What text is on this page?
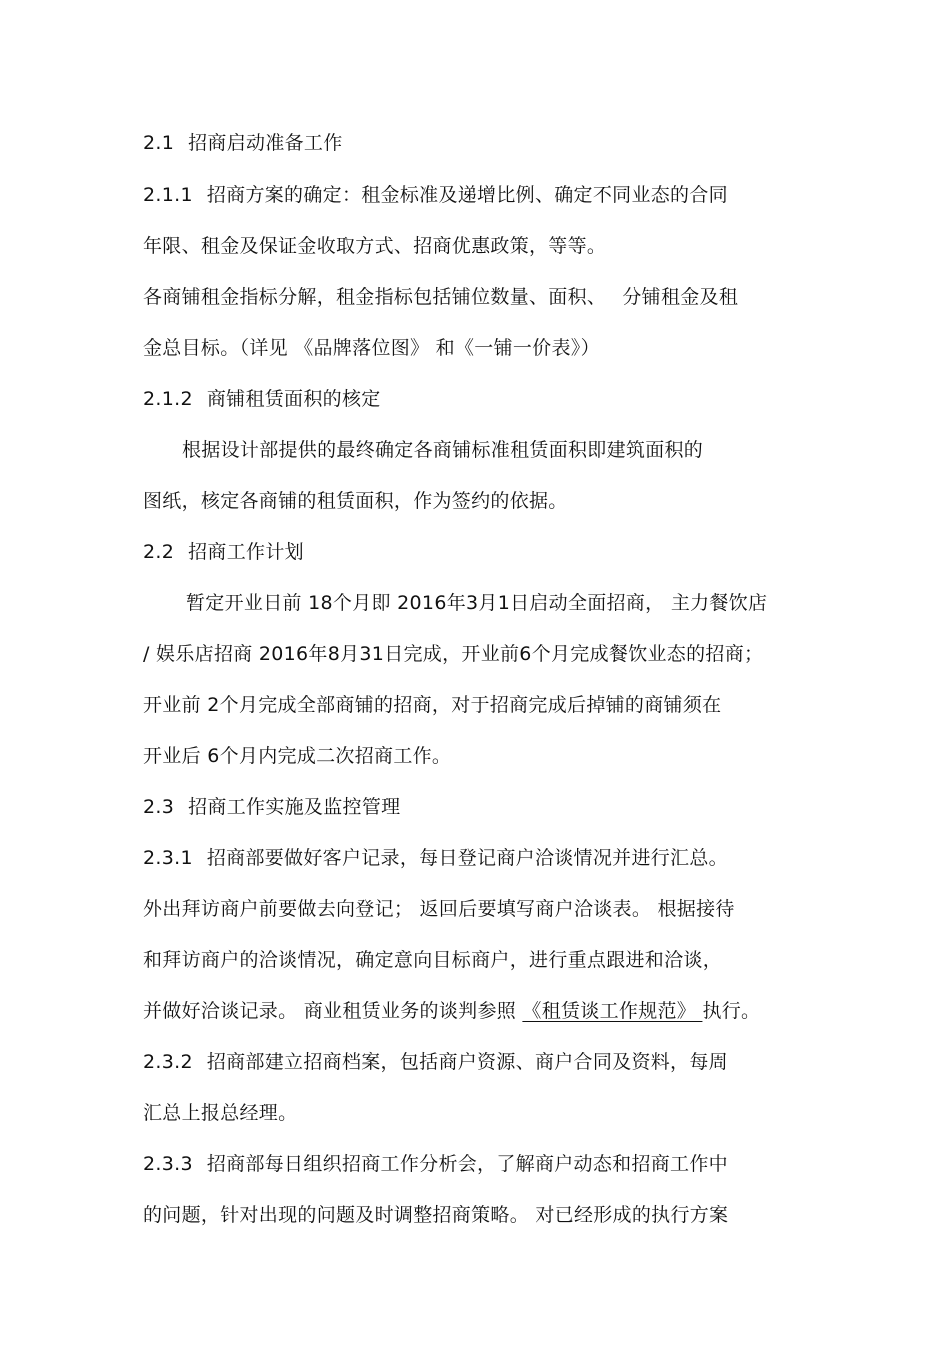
2.1 招商启动准备工作
2.1.1 招商方案的确定：租金标准及递增比例、确定不同业态的合同
年限、租金及保证金收取方式、招商优惠政策，等等。
各商铺租金指标分解，租金指标包括铺位数量、面积、　 分铺租金及租
金总目标。（详见 《品牌落位图》 和《一铺一价表》）
2.1.2 商铺租赁面积的核定
根据设计部提供的最终确定各商铺标准租赁面积即建筑面积的
图纸，核定各商铺的租赁面积，作为签约的依据。
2.2 招商工作计划
暂定开业日前 18个月即 2016年3月1日启动全面招商， 主力餐饮店
/ 娱乐店招商 2016年8月31日完成，开业前6个月完成餐饮业态的招商；
开业前 2个月完成全部商铺的招商，对于招商完成后掉铺的商铺须在
开业后 6个月内完成二次招商工作。
2.3 招商工作实施及监控管理
2.3.1 招商部要做好客户记录，每日登记商户洽谈情况并进行汇总。
外出拜访商户前要做去向登记； 返回后要填写商户洽谈表。 根据接待
和拜访商户的洽谈情况，确定意向目标商户，进行重点跟进和洽谈，
并做好洽谈记录。 商业租赁业务的谈判参照 《租赁谈工作规范》 执行。
2.3.2 招商部建立招商档案，包括商户资源、商户合同及资料，每周
汇总上报总经理。
2.3.3 招商部每日组织招商工作分析会，了解商户动态和招商工作中
的问题，针对出现的问题及时调整招商策略。 对已经形成的执行方案
